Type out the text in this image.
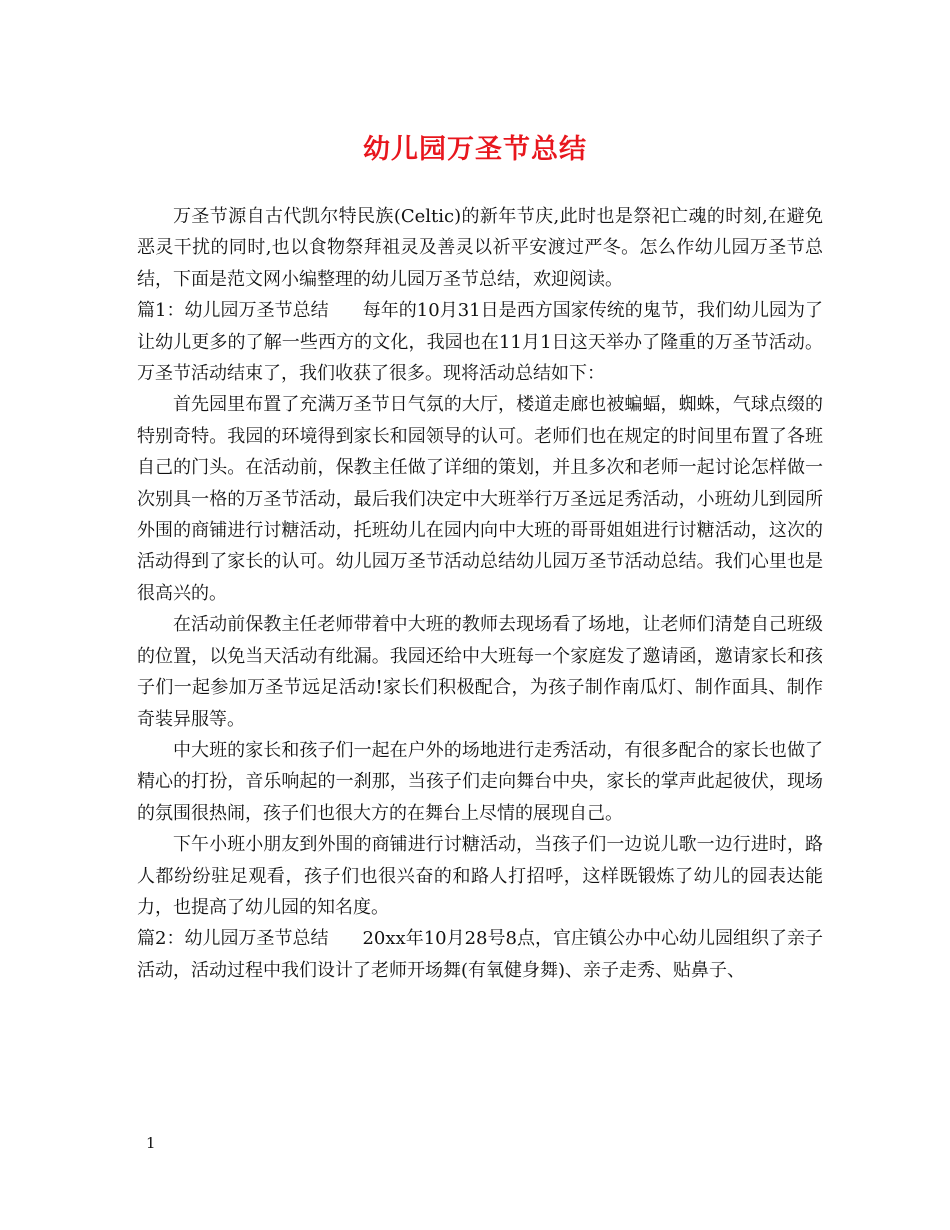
幼儿园万圣节总结

万圣节源自古代凯尔特民族(Celtic)的新年节庆,此时也是祭祀亡魂的时刻,在避免恶灵干扰的同时,也以食物祭拜祖灵及善灵以祈平安渡过严冬。怎么作幼儿园万圣节总结，下面是范文网小编整理的幼儿园万圣节总结，欢迎阅读。

篇1：幼儿园万圣节总结 每年的10月31日是西方国家传统的鬼节，我们幼儿园为了让幼儿更多的了解一些西方的文化，我园也在11月1日这天举办了隆重的万圣节活动。万圣节活动结束了，我们收获了很多。现将活动总结如下：

首先园里布置了充满万圣节日气氛的大厅，楼道走廊也被蝙蝠，蜘蛛，气球点缀的特别奇特。我园的环境得到家长和园领导的认可。老师们也在规定的时间里布置了各班自己的门头。在活动前，保教主任做了详细的策划，并且多次和老师一起讨论怎样做一次别具一格的万圣节活动，最后我们决定中大班举行万圣远足秀活动，小班幼儿到园所外围的商铺进行讨糖活动，托班幼儿在园内向中大班的哥哥姐姐进行讨糖活动，这次的活动得到了家长的认可。幼儿园万圣节活动总结幼儿园万圣节活动总结。我们心里也是很高兴的。

在活动前保教主任老师带着中大班的教师去现场看了场地，让老师们清楚自己班级的位置，以免当天活动有纰漏。我园还给中大班每一个家庭发了邀请函，邀请家长和孩子们一起参加万圣节远足活动!家长们积极配合，为孩子制作南瓜灯、制作面具、制作奇装异服等。

中大班的家长和孩子们一起在户外的场地进行走秀活动，有很多配合的家长也做了精心的打扮，音乐响起的一刹那，当孩子们走向舞台中央，家长的掌声此起彼伏，现场的氛围很热闹，孩子们也很大方的在舞台上尽情的展现自己。

下午小班小朋友到外围的商铺进行讨糖活动，当孩子们一边说儿歌一边行进时，路人都纷纷驻足观看，孩子们也很兴奋的和路人打招呼，这样既锻炼了幼儿的园表达能力，也提高了幼儿园的知名度。

篇2：幼儿园万圣节总结 20xx年10月28号8点，官庄镇公办中心幼儿园组织了亲子活动，活动过程中我们设计了老师开场舞(有氧健身舞)、亲子走秀、贴鼻子、

1
